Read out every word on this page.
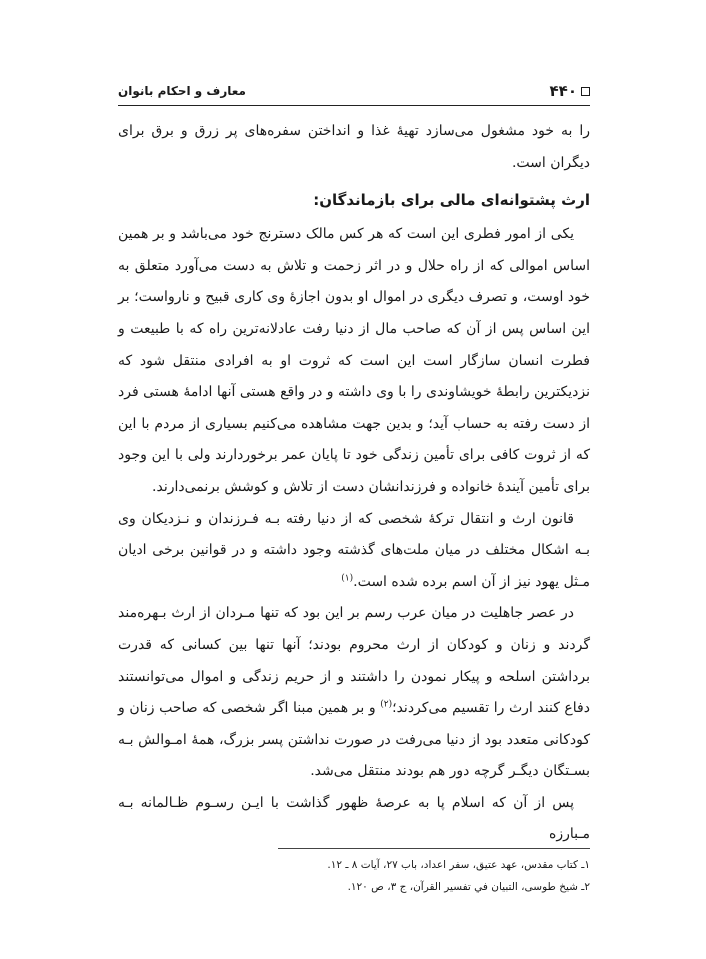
۴۴۰
معارف و احکام بانوان

را به خود مشغول می‌سازد تهیهٔ غذا و انداختن سفره‌های پر زرق و برق برای دیگران است.

ارث پشتوانه‌ای مالی برای بازماندگان:

یکی از امور فطری این است که هر کس مالک دسترنج خود می‌باشد و بر همین اساس اموالی که از راه حلال و در اثر زحمت و تلاش به دست می‌آورد متعلق به خود اوست، و تصرف دیگری در اموال او بدون اجازهٔ وی کاری قبیح و نارواست؛ بر این اساس پس از آن که صاحب مال از دنیا رفت عادلانه‌ترین راه که با طبیعت و فطرت انسان سازگار است این است که ثروت او به افرادی منتقل شود که نزدیکترین رابطهٔ خویشاوندی را با وی داشته و در واقع هستی آنها ادامهٔ هستی فرد از دست رفته به حساب آید؛ و بدین جهت مشاهده می‌کنیم بسیاری از مردم با این که از ثروت کافی برای تأمین زندگی خود تا پایان عمر برخوردارند ولی با این وجود برای تأمین آیندهٔ خانواده و فرزندانشان دست از تلاش و کوشش برنمی‌دارند.

قانون ارث و انتقال ترکهٔ شخصی که از دنیا رفته بـه فـرزندان و نـزدیکان وی بـه اشکال مختلف در میان ملت‌های گذشته وجود داشته و در قوانین برخی ادیان مـثل یهود نیز از آن اسم برده شده است.$^{(۱)}$

در عصر جاهلیت در میان عرب رسم بر این بود که تنها مـردان از ارث بـهره‌مند گردند و زنان و کودکان از ارث محروم بودند؛ آنها تنها بین کسانی که قدرت برداشتن اسلحه و پیکار نمودن را داشتند و از حریم زندگی و اموال می‌توانستند دفاع کنند ارث را تقسیم می‌کردند؛$^{(۲)}$ و بر همین مبنا اگر شخصی که صاحب زنان و کودکانی متعدد بود از دنیا می‌رفت در صورت نداشتن پسر بزرگ، همهٔ امـوالش بـه بسـتگان دیگـر گرچه دور هم بودند منتقل می‌شد.

پس از آن که اسلام پا به عرصهٔ ظهور گذاشت با ایـن رسـوم ظـالمانه بـه مـبارزه

۱ـ کتاب مقدس، عهد عتیق، سفر اعداد، باب ۲۷، آیات ۸ ـ ۱۲.
۲ـ شیخ طوسی، التبیان في تفسیر القرآن، ج ۳، ص ۱۲۰.
